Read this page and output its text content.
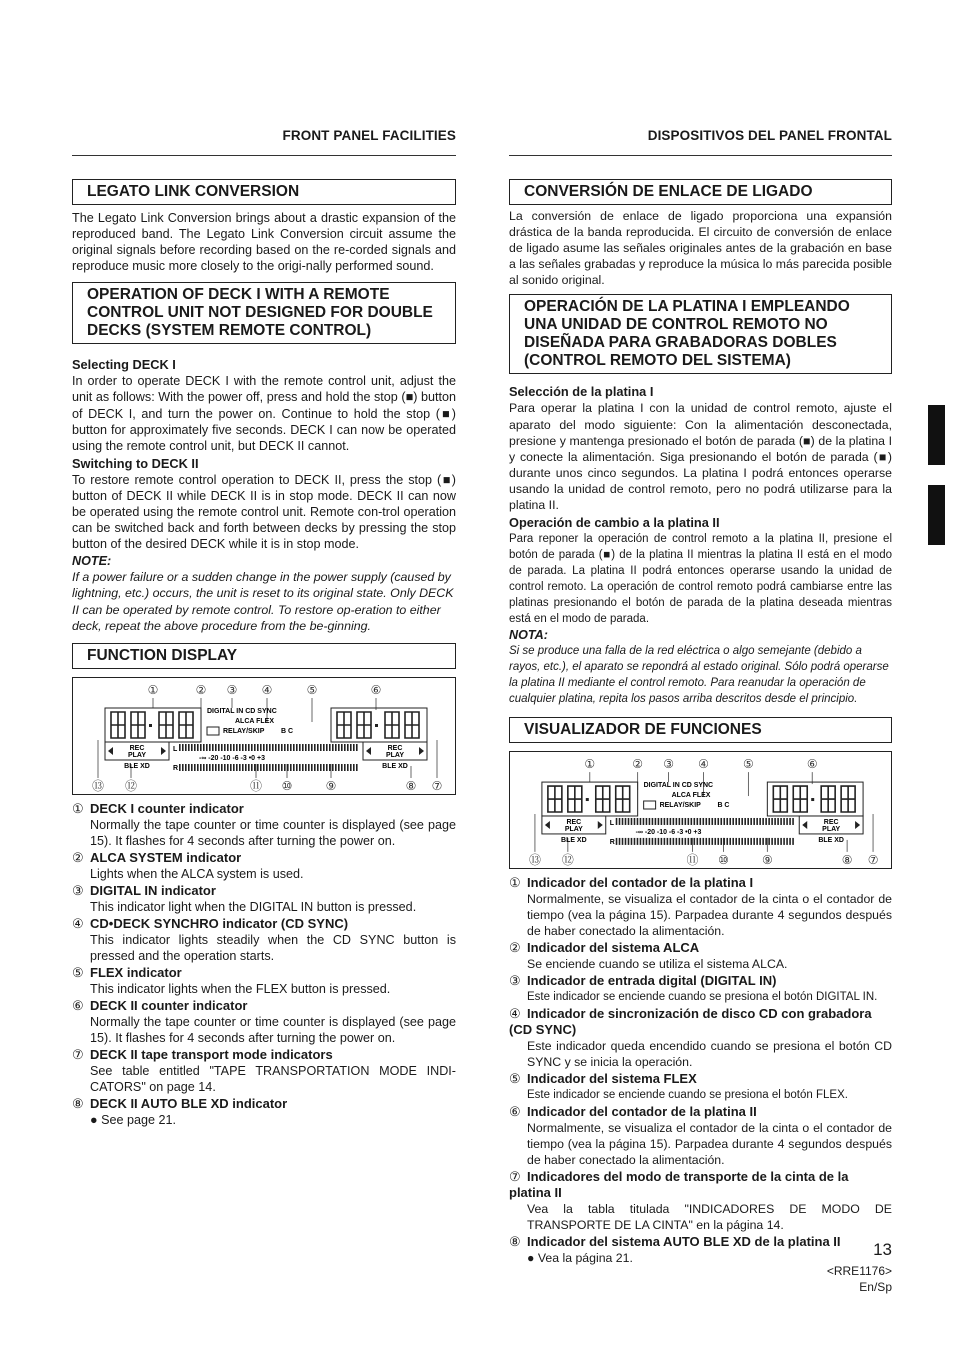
FRONT PANEL FACILITIES
LEGATO LINK CONVERSION

The Legato Link Conversion brings about a drastic expansion of the reproduced band. The Legato Link Conversion circuit assume the original signals before recording based on the re-corded signals and reproduce music more closely to the origi-nally performed sound.

OPERATION OF DECK I WITH A REMOTE CONTROL UNIT NOT DESIGNED FOR DOUBLE DECKS (SYSTEM REMOTE CONTROL)
Selecting DECK I

In order to operate DECK I with the remote control unit, adjust the unit as follows: With the power off, press and hold the stop (■) button of DECK I, and turn the power on. Continue to hold the stop (■) button for approximately five seconds. DECK I can now be operated using the remote control unit, but DECK II cannot.

Switching to DECK II

To restore remote control operation to DECK II, press the stop (■) button of DECK II while DECK II is in stop mode. DECK II can now be operated using the remote control unit. Remote con-trol operation can be switched back and forth between decks by pressing the stop button of the desired DECK while it is in stop mode.

NOTE:

If a power failure or a sudden change in the power supply (caused by lightning, etc.) occurs, the unit is reset to its original state. Only DECK II can be operated by remote control. To restore op-eration to either deck, repeat the above procedure from the be-ginning.

FUNCTION DISPLAY
①	② ③ ④	⑤	⑥
⑬ ⑫	⑪ ⑩	⑨	⑧ ⑦
DIGITAL IN CD SYNC
ALCA FLEX
RELAY/SKIP B C
REC
PLAY
REC
PLAY
BLE XD	BLE XD
L
-∞ -20 -10 -6 -3 •0 +3
R
① DECK I counter indicator

Normally the tape counter or time counter is displayed (see page 15). It flashes for 4 seconds after turning the power on.

② ALCA SYSTEM indicator

Lights when the ALCA system is used.

③ DIGITAL IN indicator

This indicator light when the DIGITAL IN button is pressed.

④ CD•DECK SYNCHRO indicator (CD SYNC)

This indicator lights steadily when the CD SYNC button is pressed and the operation starts.

⑤ FLEX indicator

This indicator lights when the FLEX button is pressed.

⑥ DECK II counter indicator

Normally the tape counter or time counter is displayed (see page 15). It flashes for 4 seconds after turning the power on.

⑦ DECK II tape transport mode indicators

See table entitled "TAPE TRANSPORTATION MODE INDI-CATORS" on page 14.

⑧ DECK II AUTO BLE XD indicator

● See page 21.

DISPOSITIVOS DEL PANEL FRONTAL
CONVERSIÓN DE ENLACE DE LIGADO

La conversión de enlace de ligado proporciona una expansión drástica de la banda reproducida. El circuito de conversión de enlace de ligado asume las señales originales antes de la grabación en base a las señales grabadas y reproduce la música lo más parecida posible al sonido original.

OPERACIÓN DE LA PLATINA I EMPLEANDO UNA UNIDAD DE CONTROL REMOTO NO DISEÑADA PARA GRABADORAS DOBLES (CONTROL REMOTO DEL SISTEMA)
Selección de la platina I

Para operar la platina I con la unidad de control remoto, ajuste el aparato del modo siguiente: Con la alimentación desconectada, presione y mantenga presionado el botón de parada (■) de la platina I y conecte la alimentación. Siga presionando el botón de parada (■) durante unos cinco segundos. La platina I podrá entonces operarse usando la unidad de control remoto, pero no podrá utilizarse para la platina II.

Operación de cambio a la platina II

Para reponer la operación de control remoto a la platina II, presione el botón de parada (■) de la platina II mientras la platina II está en el modo de parada. La platina II podrá entonces operarse usando la unidad de control remoto. La operación de control remoto podrá cambiarse entre las platinas presionando el botón de parada de la platina deseada mientras está en el modo de parada.

NOTA:

Si se produce una falla de la red eléctrica o algo semejante (debido a rayos, etc.), el aparato se repondrá al estado original. Sólo podrá operarse la platina II mediante el control remoto. Para reanudar la operación de cualquier platina, repita los pasos arriba descritos desde el principio.

VISUALIZADOR DE FUNCIONES
①	② ③ ④	⑤	⑥
⑬ ⑫	⑪ ⑩	⑨	⑧ ⑦
DIGITAL IN CD SYNC
ALCA FLEX
RELAY/SKIP B C
REC
PLAY
REC
PLAY
BLE XD	BLE XD
L
-∞ -20 -10 -6 -3 •0 +3
R
① Indicador del contador de la platina I

Normalmente, se visualiza el contador de la cinta o el contador de tiempo (vea la página 15). Parpadea durante 4 segundos después de haber conectado la alimentación.

② Indicador del sistema ALCA

Se enciende cuando se utiliza el sistema ALCA.

③ Indicador de entrada digital (DIGITAL IN)

Este indicador se enciende cuando se presiona el botón DIGITAL IN.

④ Indicador de sincronización de disco CD con grabadora (CD SYNC)

Este indicador queda encendido cuando se presiona el botón CD SYNC y se inicia la operación.

⑤ Indicador del sistema FLEX

Este indicador se enciende cuando se presiona el botón FLEX.

⑥ Indicador del contador de la platina II

Normalmente, se visualiza el contador de la cinta o el contador de tiempo (vea la página 15). Parpadea durante 4 segundos después de haber conectado la alimentación.

⑦ Indicadores del modo de transporte de la cinta de la platina II

Vea la tabla titulada "INDICADORES DE MODO DE TRANSPORTE DE LA CINTA" en la página 14.

⑧ Indicador del sistema AUTO BLE XD de la platina II

● Vea la página 21.	13
<RRE1176>
En/Sp
